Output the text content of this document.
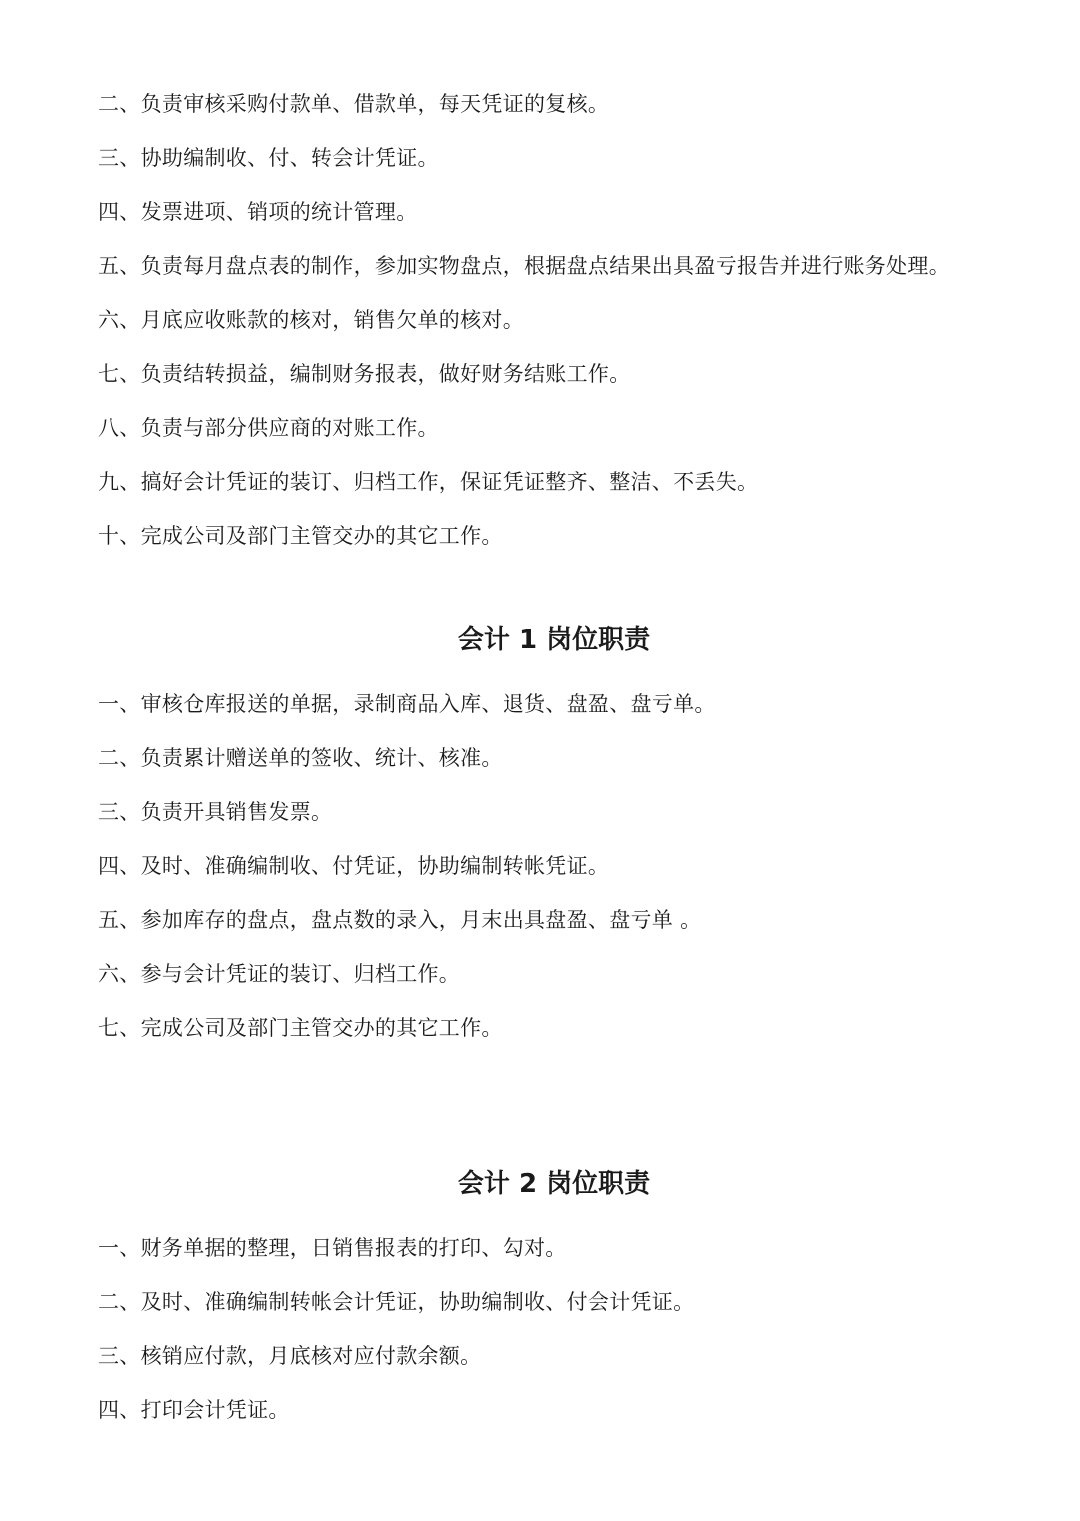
二、负责审核采购付款单、借款单，每天凭证的复核。
三、协助编制收、付、转会计凭证。
四、发票进项、销项的统计管理。
五、负责每月盘点表的制作，参加实物盘点，根据盘点结果出具盈亏报告并进行账务处理。
六、月底应收账款的核对，销售欠单的核对。
七、负责结转损益，编制财务报表，做好财务结账工作。
八、负责与部分供应商的对账工作。
九、搞好会计凭证的装订、归档工作，保证凭证整齐、整洁、不丢失。
十、完成公司及部门主管交办的其它工作。
会计 1 岗位职责
一、审核仓库报送的单据，录制商品入库、退货、盘盈、盘亏单。
二、负责累计赠送单的签收、统计、核准。
三、负责开具销售发票。
四、及时、准确编制收、付凭证，协助编制转帐凭证。
五、参加库存的盘点，盘点数的录入，月末出具盘盈、盘亏单 。
六、参与会计凭证的装订、归档工作。
七、完成公司及部门主管交办的其它工作。
会计 2 岗位职责
一、财务单据的整理，日销售报表的打印、勾对。
二、及时、准确编制转帐会计凭证，协助编制收、付会计凭证。
三、核销应付款，月底核对应付款余额。
四、打印会计凭证。
